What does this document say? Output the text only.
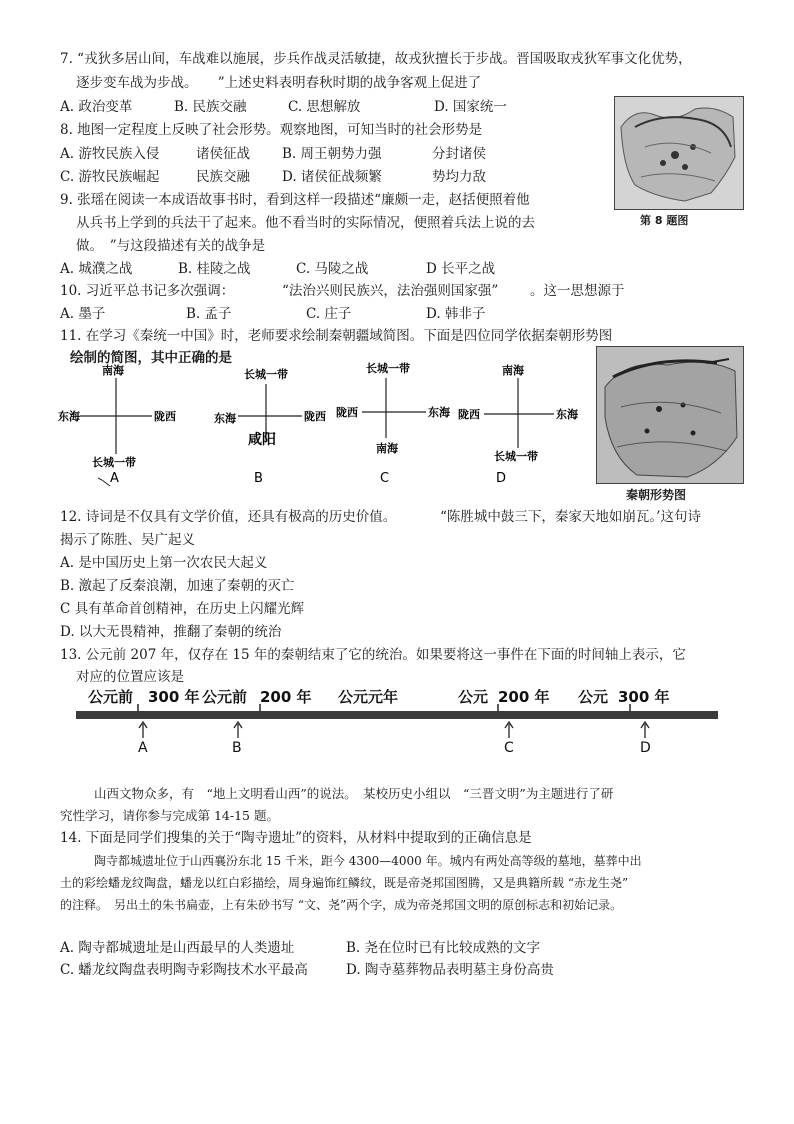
7. “戎狄多居山间，车战难以施展，步兵作战灵活敏捷，故戎狄擅长于步战。晋国吸取戎狄军事文化优势，
逐步变车战为步战。　　”上述史料表明春秋时期的战争客观上促进了
A. 政治变革	B. 民族交融	C. 思想解放	D. 国家统一
8. 地图一定程度上反映了社会形势。观察地图，可知当时的社会形势是
A. 游牧民族入侵	诸侯征战 B. 周王朝势力强	分封诸侯
C. 游牧民族崛起	民族交融 D. 诸侯征战频繁	势均力敌
第 8 题图
9. 张瑶在阅读一本成语故事书时，看到这样一段描述“廉颇一走，赵括便照着他
从兵书上学到的兵法干了起来。他不看当时的实际情况，便照着兵法上说的去
做。　”与这段描述有关的战争是
A. 城濮之战	B. 桂陵之战	C. 马陵之战	D 长平之战
10. 习近平总书记多次强调：	“法治兴则民族兴，法治强则国家强” 。这一思想源于
A. 墨子	B. 孟子	C. 庄子	D. 韩非子
11. 在学习《秦统一中国》时，老师要求绘制秦朝疆域简图。下面是四位同学依据秦朝形势图
绘制的简图，其中正确的是
南海
东海	陇西
长城一带
A
长城一带
东海	陇西
咸阳
B
长城一带
陇西	东海
南海
C
南海
陇西	东海
长城一带
D
秦朝形势图
12. 诗词是不仅具有文学价值，还具有极高的历史价值。	“陈胜城中鼓三下，秦家天地如崩瓦。’这句诗
揭示了陈胜、吴广起义
A. 是中国历史上第一次农民大起义
B. 激起了反秦浪潮，加速了秦朝的灭亡
C 具有革命首创精神，在历史上闪耀光辉
D. 以大无畏精神，推翻了秦朝的统治
13. 公元前 207 年，仅存在 15 年的秦朝结束了它的统治。如果要将这一事件在下面的时间轴上表示，它
对应的位置应该是
公元前 300 年 公元前 200 年 公元元年	公元 200 年 公元 300 年
A	B	C	D
山西文物众多，有　“地上文明看山西”的说法。　某校历史小组以　“三晋文明”为主题进行了研
究性学习，请你参与完成第 14-15 题。
14. 下面是同学们搜集的关于“陶寺遗址”的资料，从材料中提取到的正确信息是
陶寺都城遗址位于山西襄汾东北 15 千米，距今 4300—4000 年。城内有两处高等级的墓地，墓葬中出
土的彩绘蟠龙纹陶盘，蟠龙以红白彩描绘，周身遍饰红鳞纹，既是帝尧邦国图腾，又是典籍所载 “赤龙生尧”
的注释。　另出土的朱书扁壶，上有朱砂书写 “文、尧”两个字，成为帝尧邦国文明的原创标志和初始记录。
A. 陶寺都城遗址是山西最早的人类遗址	B. 尧在位时已有比较成熟的文字
C. 蟠龙纹陶盘表明陶寺彩陶技术水平最高	D. 陶寺墓葬物品表明墓主身份高贵
